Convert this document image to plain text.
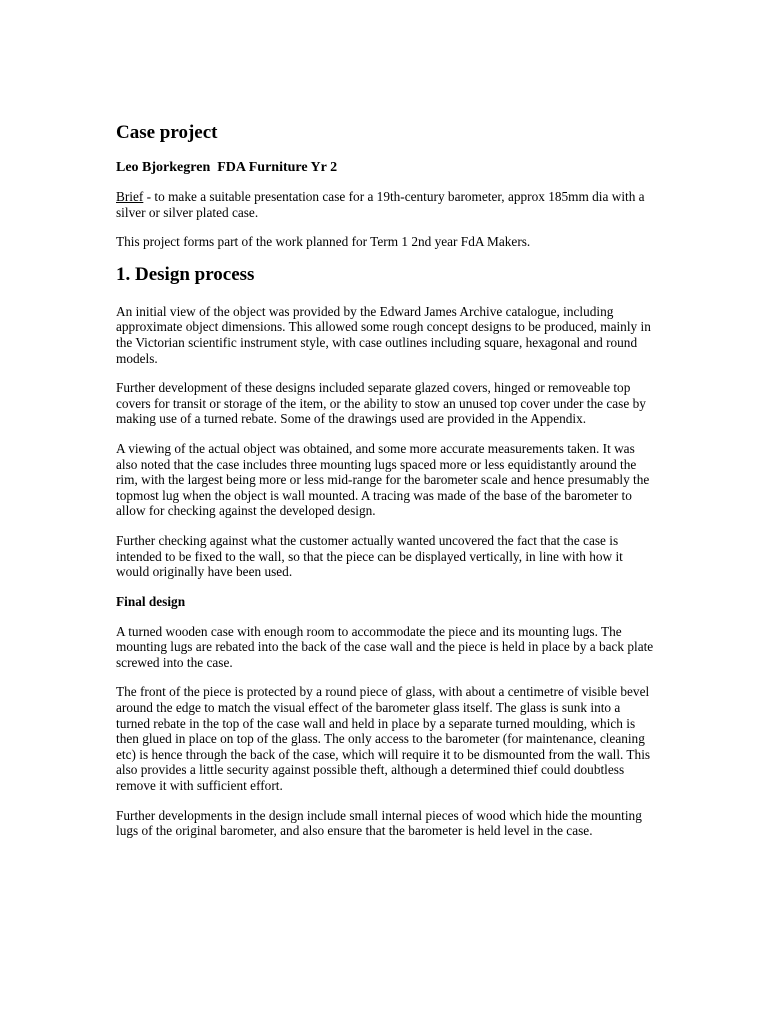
Case project
Leo Bjorkegren  FDA Furniture Yr 2

Brief - to make a suitable presentation case for a 19th-century barometer, approx 185mm dia with a silver or silver plated case.

This project forms part of the work planned for Term 1 2nd year FdA Makers.

1. Design process

An initial view of the object was provided by the Edward James Archive catalogue, including approximate object dimensions. This allowed some rough concept designs to be produced, mainly in the Victorian scientific instrument style, with case outlines including square, hexagonal and round models.

Further development of these designs included separate glazed covers, hinged or removeable top covers for transit or storage of the item, or the ability to stow an unused top cover under the case by making use of a turned rebate. Some of the drawings used are provided in the Appendix.

A viewing of the actual object was obtained, and some more accurate measurements taken. It was also noted that the case includes three mounting lugs spaced more or less equidistantly around the rim, with the largest being more or less mid-range for the barometer scale and hence presumably the topmost lug when the object is wall mounted. A tracing was made of the base of the barometer to allow for checking against the developed design.

Further checking against what the customer actually wanted uncovered the fact that the case is intended to be fixed to the wall, so that the piece can be displayed vertically, in line with how it would originally have been used.

Final design

A turned wooden case with enough room to accommodate the piece and its mounting lugs. The mounting lugs are rebated into the back of the case wall and the piece is held in place by a back plate screwed into the case.

The front of the piece is protected by a round piece of glass, with about a centimetre of visible bevel around the edge to match the visual effect of the barometer glass itself. The glass is sunk into a turned rebate in the top of the case wall and held in place by a separate turned moulding, which is then glued in place on top of the glass. The only access to the barometer (for maintenance, cleaning etc) is hence through the back of the case, which will require it to be dismounted from the wall. This also provides a little security against possible theft, although a determined thief could doubtless remove it with sufficient effort.

Further developments in the design include small internal pieces of wood which hide the mounting lugs of the original barometer, and also ensure that the barometer is held level in the case.
